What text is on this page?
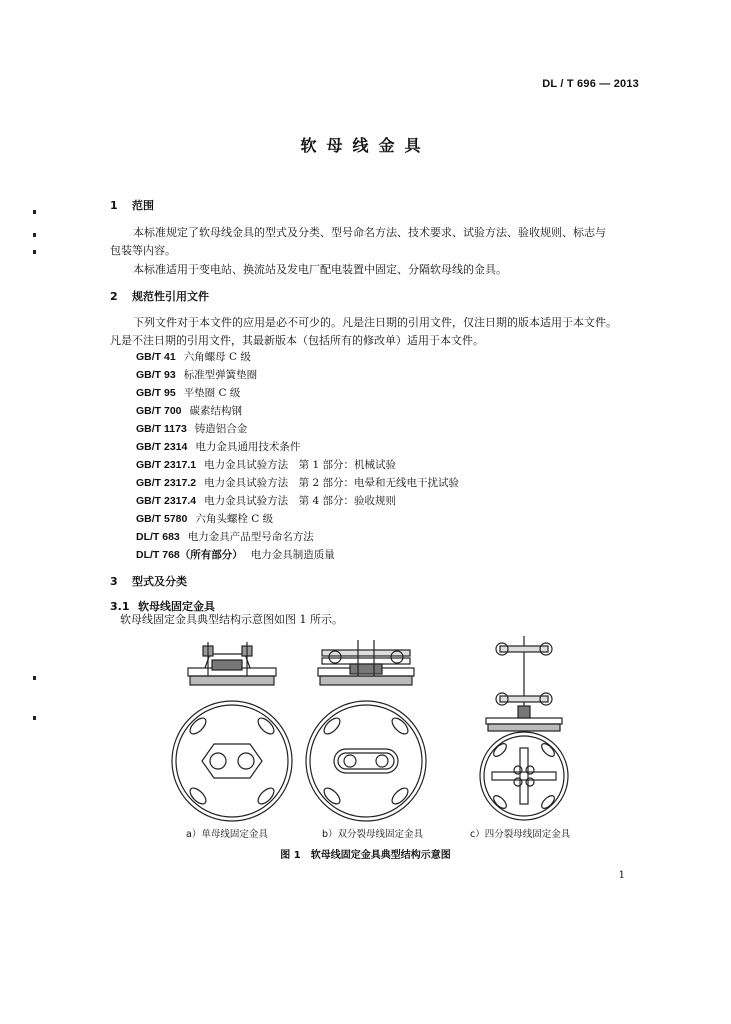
DL / T 696 — 2013
软母线金具
1 范围
本标准规定了软母线金具的型式及分类、型号命名方法、技术要求、试验方法、验收规则、标志与
包装等内容。
本标准适用于变电站、换流站及发电厂配电装置中固定、分隔软母线的金具。
2 规范性引用文件
下列文件对于本文件的应用是必不可少的。凡是注日期的引用文件，仅注日期的版本适用于本文件。
凡是不注日期的引用文件，其最新版本（包括所有的修改单）适用于本文件。
GB/T 41 六角螺母 C 级
GB/T 93 标准型弹簧垫圈
GB/T 95 平垫圈 C 级
GB/T 700 碳素结构钢
GB/T 1173 铸造铝合金
GB/T 2314 电力金具通用技术条件
GB/T 2317.1 电力金具试验方法　第 1 部分：机械试验
GB/T 2317.2 电力金具试验方法　第 2 部分：电晕和无线电干扰试验
GB/T 2317.4 电力金具试验方法　第 4 部分：验收规则
GB/T 5780 六角头螺栓 C 级
DL/T 683 电力金具产品型号命名方法
DL/T 768（所有部分） 电力金具制造质量
3 型式及分类
3.1 软母线固定金具
软母线固定金具典型结构示意图如图 1 所示。
a）单母线固定金具	b）双分裂母线固定金具	c）四分裂母线固定金具
图 1　软母线固定金具典型结构示意图
1
